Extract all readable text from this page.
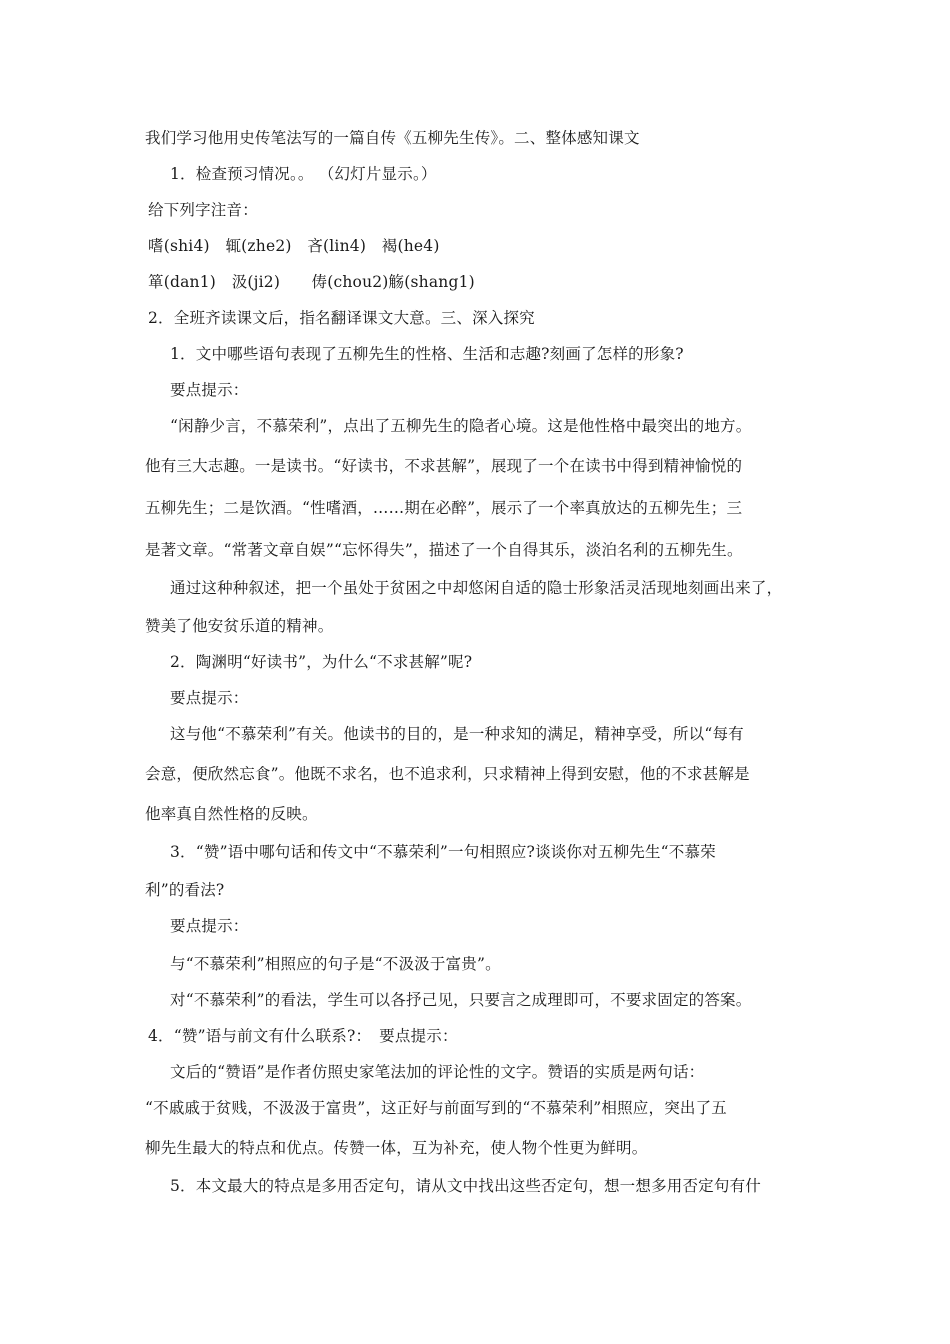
我们学习他用史传笔法写的一篇自传《五柳先生传》。二、整体感知课文
1．检查预习情况。。 （幻灯片显示。）
给下列字注音：
嗜(shi4)　辄(zhe2)　吝(lin4)　褐(he4)
箪(dan1)　汲(ji2)　　俦(chou2)觞(shang1)
2．全班齐读课文后，指名翻译课文大意。三、深入探究
1．文中哪些语句表现了五柳先生的性格、生活和志趣?刻画了怎样的形象?
要点提示：
“闲静少言，不慕荣利”，点出了五柳先生的隐者心境。这是他性格中最突出的地方。
他有三大志趣。一是读书。“好读书，不求甚解”，展现了一个在读书中得到精神愉悦的
五柳先生；二是饮酒。“性嗜酒，……期在必醉”，展示了一个率真放达的五柳先生；三
是著文章。“常著文章自娱”“忘怀得失”，描述了一个自得其乐，淡泊名利的五柳先生。
通过这种种叙述，把一个虽处于贫困之中却悠闲自适的隐士形象活灵活现地刻画出来了，
赞美了他安贫乐道的精神。
2．陶渊明“好读书”，为什么“不求甚解”呢?
要点提示：
这与他“不慕荣利”有关。他读书的目的，是一种求知的满足，精神享受，所以“每有
会意，便欣然忘食”。他既不求名，也不追求利，只求精神上得到安慰，他的不求甚解是
他率真自然性格的反映。
3．“赞”语中哪句话和传文中“不慕荣利”一句相照应?谈谈你对五柳先生“不慕荣
利”的看法?
要点提示：
与“不慕荣利”相照应的句子是“不汲汲于富贵”。
对“不慕荣利”的看法，学生可以各抒己见，只要言之成理即可，不要求固定的答案。
4．“赞”语与前文有什么联系?：　要点提示：
文后的“赞语”是作者仿照史家笔法加的评论性的文字。赞语的实质是两句话：
“不戚戚于贫贱，不汲汲于富贵”，这正好与前面写到的“不慕荣利”相照应，突出了五
柳先生最大的特点和优点。传赞一体，互为补充，使人物个性更为鲜明。
5．本文最大的特点是多用否定句，请从文中找出这些否定句，想一想多用否定句有什
